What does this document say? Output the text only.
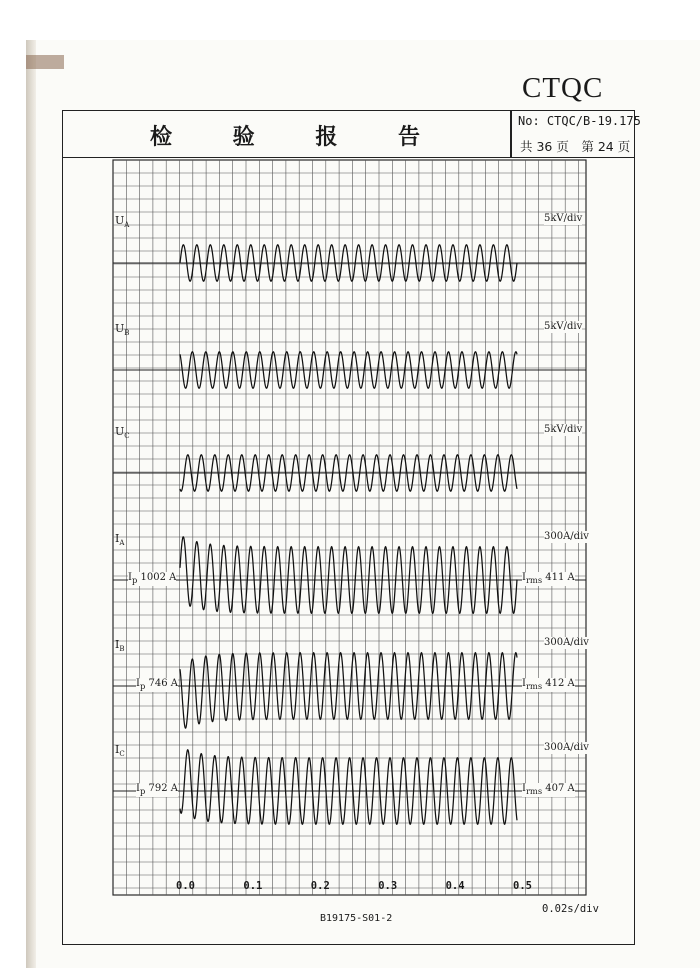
CTQC
检	验	报	告
No: CTQC/B-19.175
共 36 页　第 24 页
$U_A$
5kV/div
$U_B$
5kV/div
$U_C$
5kV/div
$I_A$
300A/div
$I_p$ 1002 A	$I_{rms}$ 411 A
$I_B$
300A/div
$I_p$ 746 A	$I_{rms}$ 412 A
$I_C$
300A/div
$I_p$ 792 A	$I_{rms}$ 407 A
0.0	0.1	0.2	0.3	0.4	0.5
B19175-S01-2
0.02s/div
